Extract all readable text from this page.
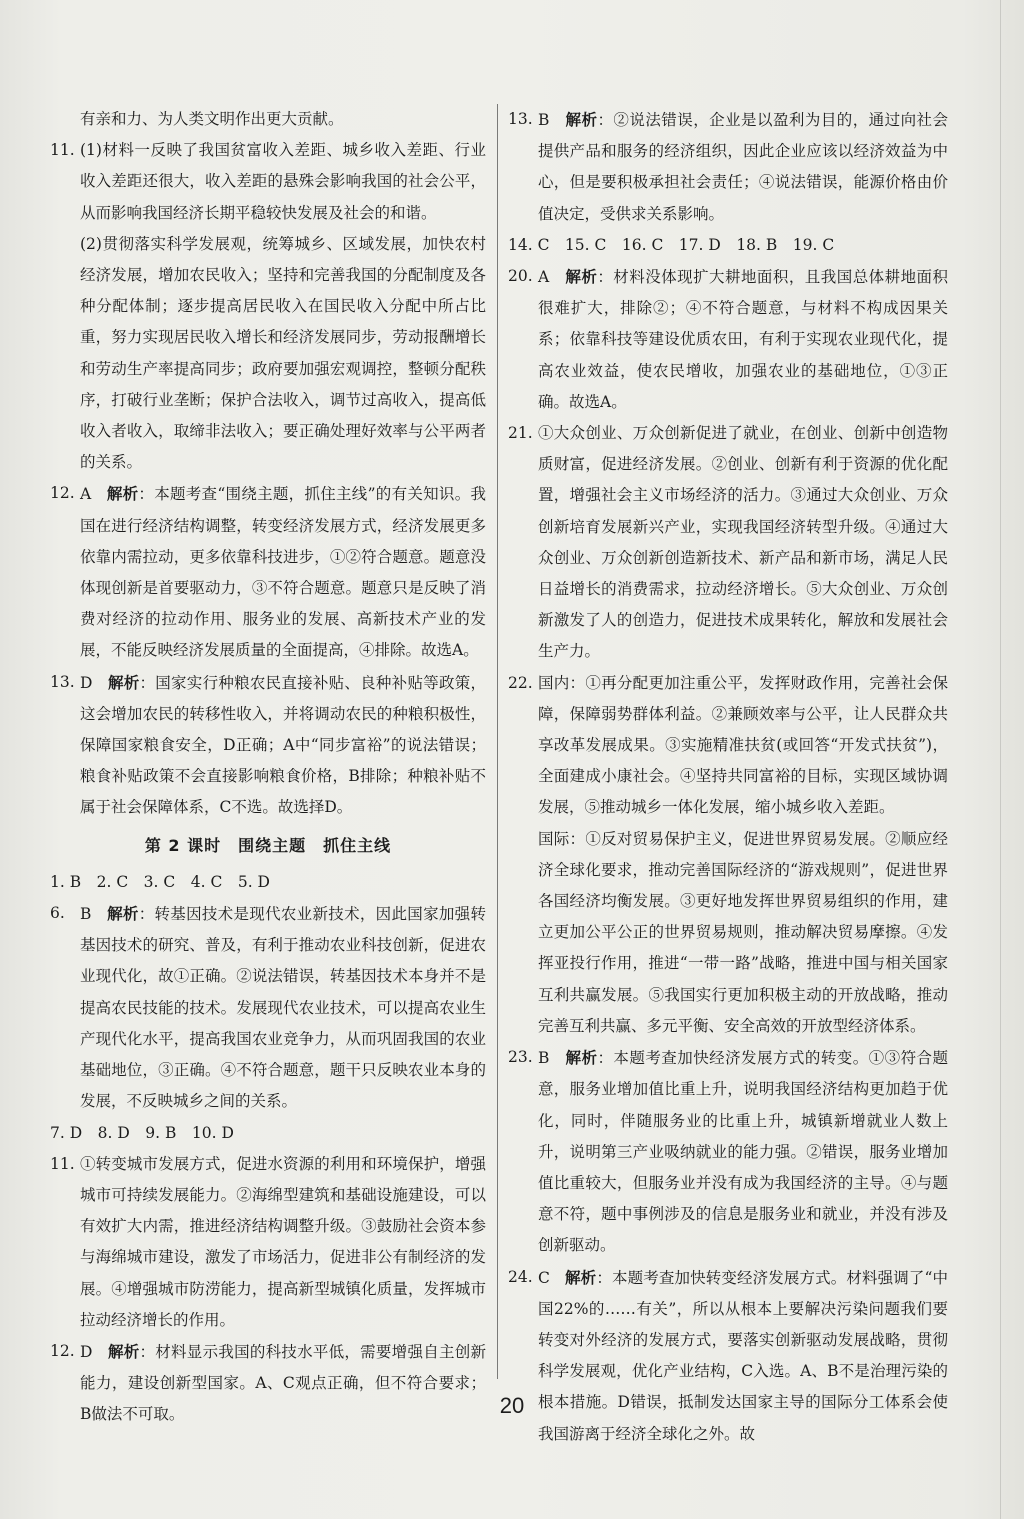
有亲和力、为人类文明作出更大贡献。

11. (1)材料一反映了我国贫富收入差距、城乡收入差距、行业收入差距还很大，收入差距的悬殊会影响我国的社会公平，从而影响我国经济长期平稳较快发展及社会的和谐。
(2)贯彻落实科学发展观，统筹城乡、区域发展，加快农村经济发展，增加农民收入；坚持和完善我国的分配制度及各种分配体制；逐步提高居民收入在国民收入分配中所占比重，努力实现居民收入增长和经济发展同步，劳动报酬增长和劳动生产率提高同步；政府要加强宏观调控，整顿分配秩序，打破行业垄断；保护合法收入，调节过高收入，提高低收入者收入，取缔非法收入；要正确处理好效率与公平两者的关系。
12. A 解析：本题考查“围绕主题，抓住主线”的有关知识。我国在进行经济结构调整，转变经济发展方式，经济发展更多依靠内需拉动，更多依靠科技进步，①②符合题意。题意没体现创新是首要驱动力，③不符合题意。题意只是反映了消费对经济的拉动作用、服务业的发展、高新技术产业的发展，不能反映经济发展质量的全面提高，④排除。故选A。
13. D 解析：国家实行种粮农民直接补贴、良种补贴等政策，这会增加农民的转移性收入，并将调动农民的种粮积极性，保障国家粮食安全，D正确；A中“同步富裕”的说法错误；粮食补贴政策不会直接影响粮食价格，B排除；种粮补贴不属于社会保障体系，C不选。故选择D。
第 2 课时　围绕主题　抓住主线

1. B　2. C　3. C　4. C　5. D

6. B 解析：转基因技术是现代农业新技术，因此国家加强转基因技术的研究、普及，有利于推动农业科技创新，促进农业现代化，故①正确。②说法错误，转基因技术本身并不是提高农民技能的技术。发展现代农业技术，可以提高农业生产现代化水平，提高我国农业竞争力，从而巩固我国的农业基础地位，③正确。④不符合题意，题干只反映农业本身的发展，不反映城乡之间的关系。

7. D　8. D　9. B　10. D

11. ①转变城市发展方式，促进水资源的利用和环境保护，增强城市可持续发展能力。②海绵型建筑和基础设施建设，可以有效扩大内需，推进经济结构调整升级。③鼓励社会资本参与海绵城市建设，激发了市场活力，促进非公有制经济的发展。④增强城市防涝能力，提高新型城镇化质量，发挥城市拉动经济增长的作用。
12. D 解析：材料显示我国的科技水平低，需要增强自主创新能力，建设创新型国家。A、C观点正确，但不符合要求；B做法不可取。
13. B 解析：②说法错误，企业是以盈利为目的，通过向社会提供产品和服务的经济组织，因此企业应该以经济效益为中心，但是要积极承担社会责任；④说法错误，能源价格由价值决定，受供求关系影响。

14. C　15. C　16. C　17. D　18. B　19. C

20. A 解析：材料没体现扩大耕地面积，且我国总体耕地面积很难扩大，排除②；④不符合题意，与材料不构成因果关系；依靠科技等建设优质农田，有利于实现农业现代化，提高农业效益，使农民增收，加强农业的基础地位，①③正确。故选A。
21. ①大众创业、万众创新促进了就业，在创业、创新中创造物质财富，促进经济发展。②创业、创新有利于资源的优化配置，增强社会主义市场经济的活力。③通过大众创业、万众创新培育发展新兴产业，实现我国经济转型升级。④通过大众创业、万众创新创造新技术、新产品和新市场，满足人民日益增长的消费需求，拉动经济增长。⑤大众创业、万众创新激发了人的创造力，促进技术成果转化，解放和发展社会生产力。
22. 国内：①再分配更加注重公平，发挥财政作用，完善社会保障，保障弱势群体利益。②兼顾效率与公平，让人民群众共享改革发展成果。③实施精准扶贫(或回答“开发式扶贫”)，全面建成小康社会。④坚持共同富裕的目标，实现区域协调发展，⑤推动城乡一体化发展，缩小城乡收入差距。
国际：①反对贸易保护主义，促进世界贸易发展。②顺应经济全球化要求，推动完善国际经济的“游戏规则”，促进世界各国经济均衡发展。③更好地发挥世界贸易组织的作用，建立更加公平公正的世界贸易规则，推动解决贸易摩擦。④发挥亚投行作用，推进“一带一路”战略，推进中国与相关国家互利共赢发展。⑤我国实行更加积极主动的开放战略，推动完善互利共赢、多元平衡、安全高效的开放型经济体系。
23. B 解析：本题考查加快经济发展方式的转变。①③符合题意，服务业增加值比重上升，说明我国经济结构更加趋于优化，同时，伴随服务业的比重上升，城镇新增就业人数上升，说明第三产业吸纳就业的能力强。②错误，服务业增加值比重较大，但服务业并没有成为我国经济的主导。④与题意不符，题中事例涉及的信息是服务业和就业，并没有涉及创新驱动。
24. C 解析：本题考查加快转变经济发展方式。材料强调了“中国22%的……有关”，所以从根本上要解决污染问题我们要转变对外经济的发展方式，要落实创新驱动发展战略，贯彻科学发展观，优化产业结构，C入选。A、B不是治理污染的根本措施。D错误，抵制发达国家主导的国际分工体系会使我国游离于经济全球化之外。故
20
